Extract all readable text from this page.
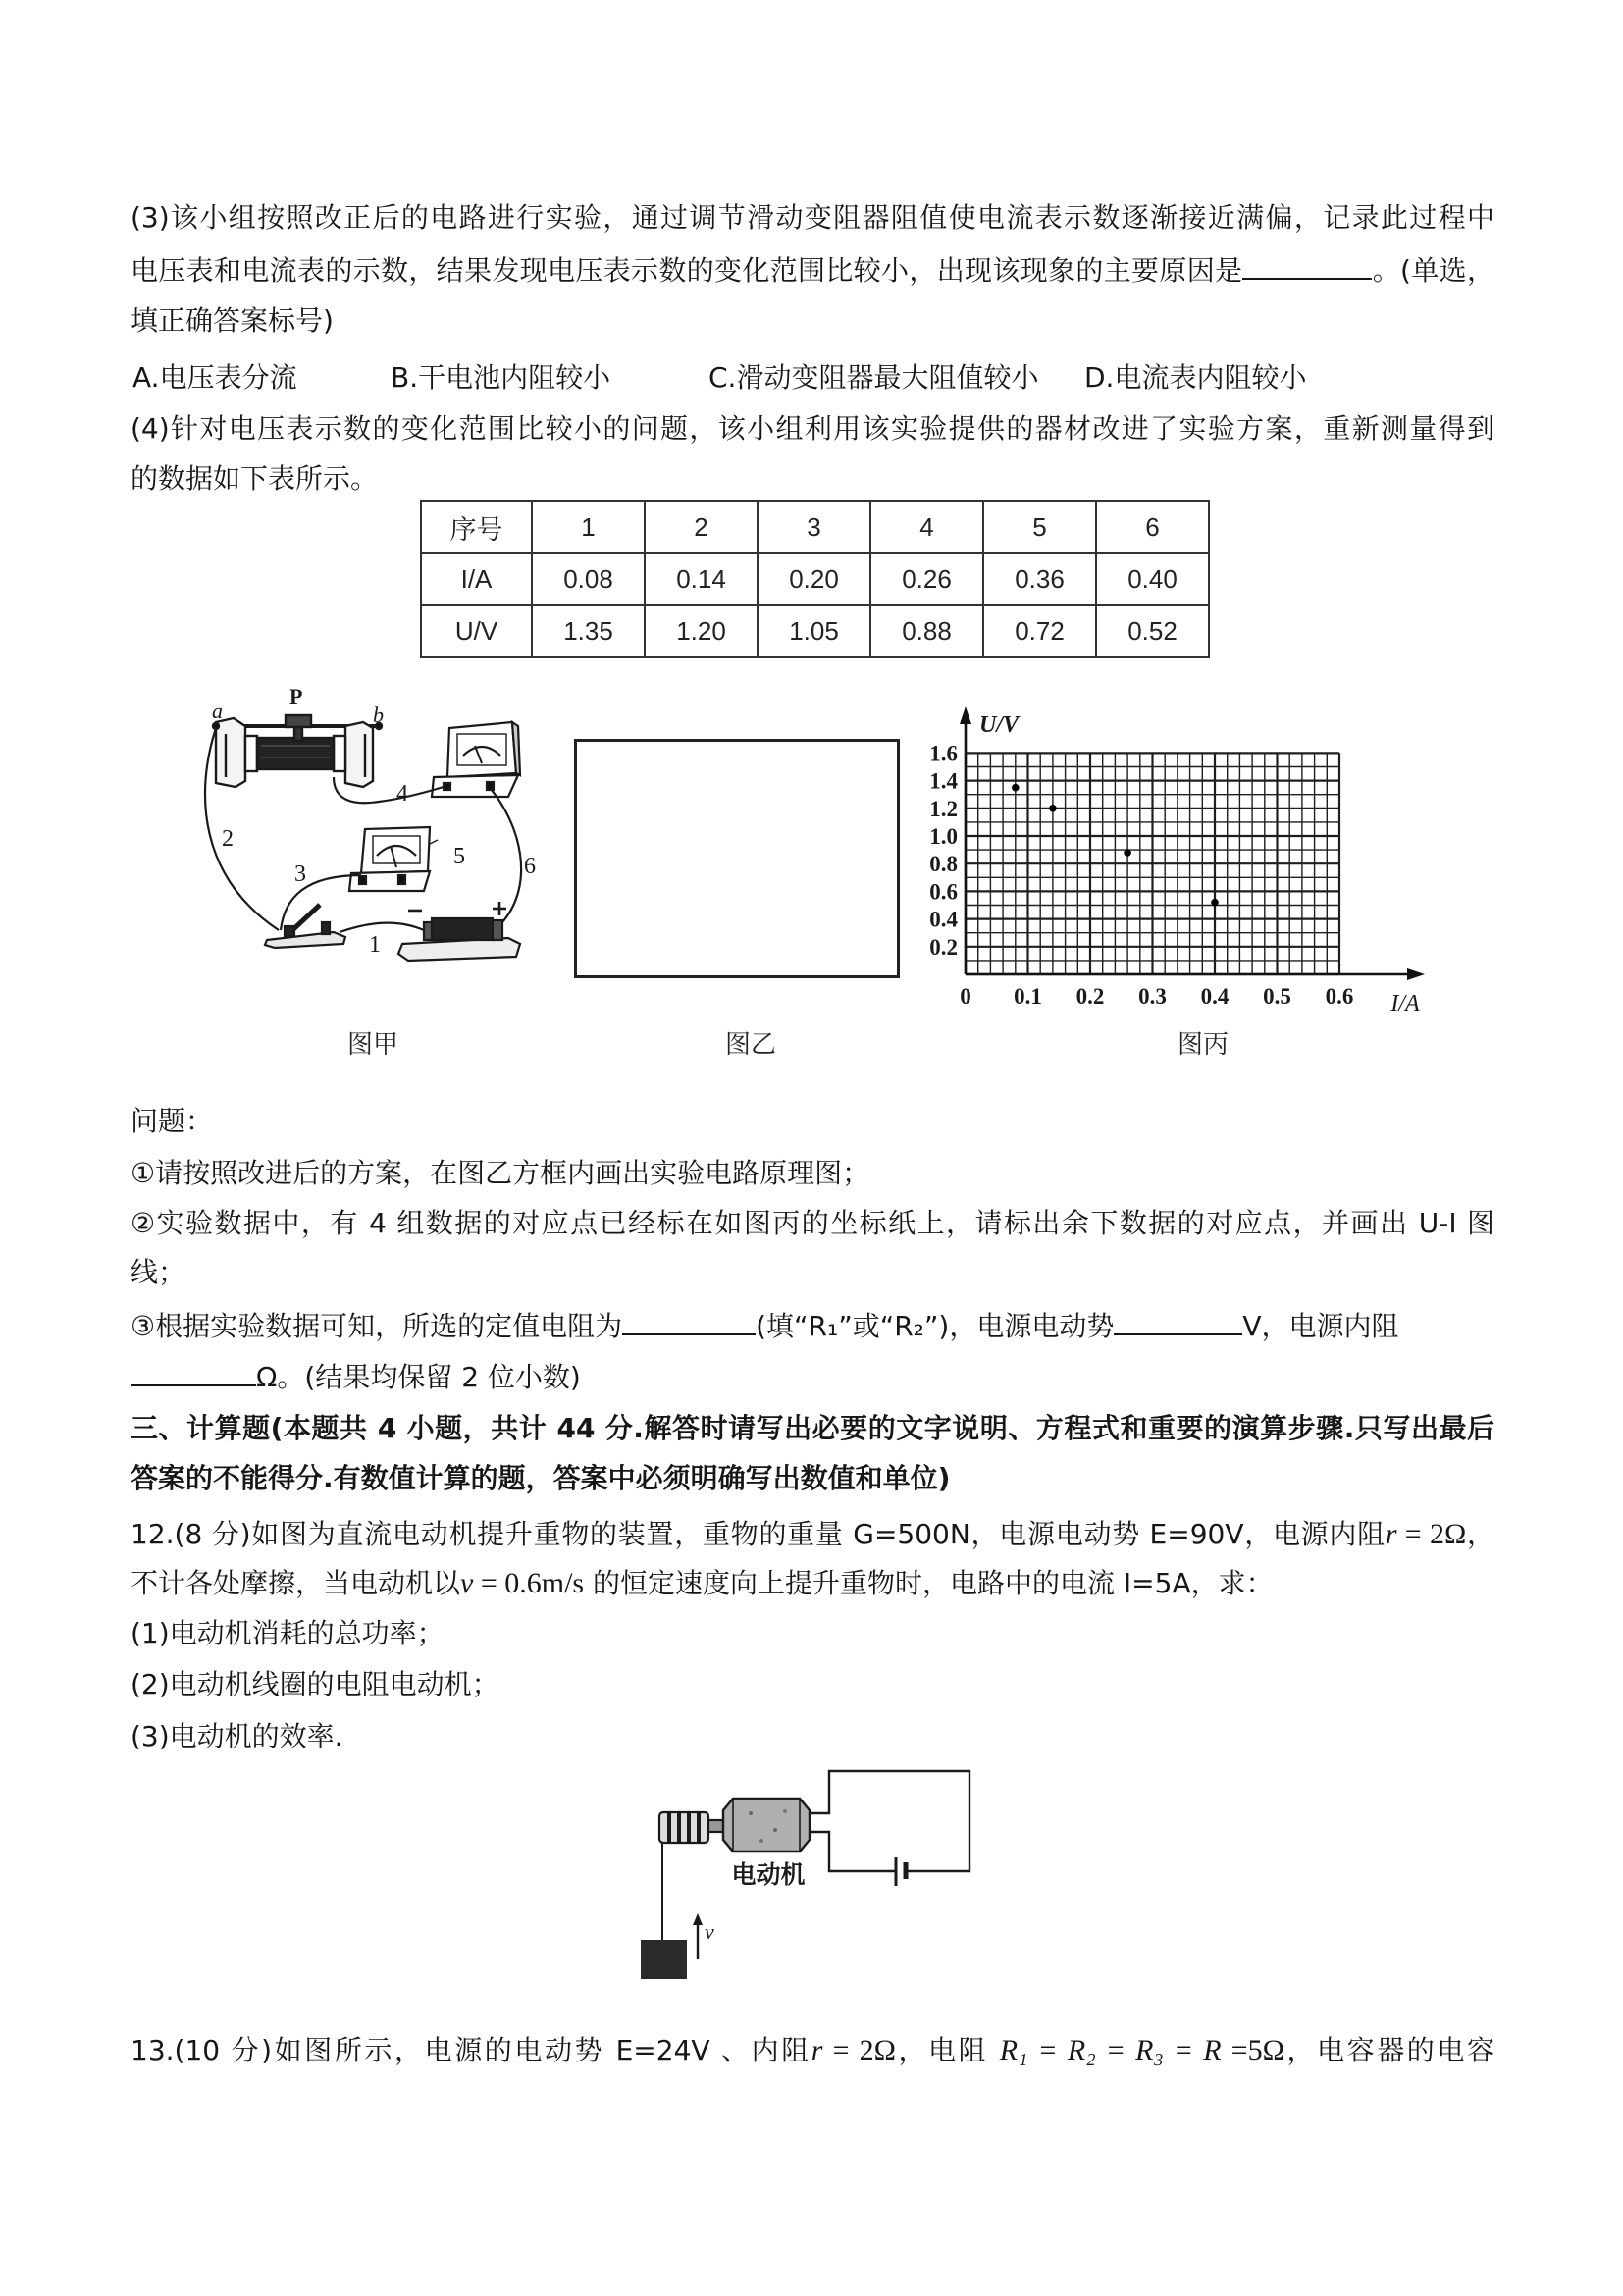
(3)该小组按照改正后的电路进行实验，通过调节滑动变阻器阻值使电流表示数逐渐接近满偏，记录此过程中
电压表和电流表的示数，结果发现电压表示数的变化范围比较小，出现该现象的主要原因是	。(单选，
填正确答案标号)
A.电压表分流	B.干电池内阻较小	C.滑动变阻器最大阻值较小 D.电流表内阻较小
(4)针对电压表示数的变化范围比较小的问题，该小组利用该实验提供的器材改进了实验方案，重新测量得到
的数据如下表所示。
序号	1	2	3	4	5	6
I/A	0.08	0.14	0.20	0.26	0.36	0.40
U/V	1.35	1.20	1.05	0.88	0.72	0.52
a
P
b
1
2
3
4
5	6
图甲	图乙
0 0.1 0.2 0.3 0.4 0.5 0.6
0.2
0.4
0.6
0.8
1.0
1.2
1.4
1.6
U/V
I/A
图丙
问题：
①请按照改进后的方案，在图乙方框内画出实验电路原理图；
②实验数据中，有 4 组数据的对应点已经标在如图丙的坐标纸上，请标出余下数据的对应点，并画出 U-I 图
线；
③根据实验数据可知，所选的定值电阻为	(填“R₁”或“R₂”)，电源电动势	V，电源内阻
Ω。(结果均保留 2 位小数)
三、计算题(本题共 4 小题，共计 44 分.解答时请写出必要的文字说明、方程式和重要的演算步骤.只写出最后
答案的不能得分.有数值计算的题，答案中必须明确写出数值和单位)
12.(8 分)如图为直流电动机提升重物的装置，重物的重量 G=500N，电源电动势 E=90V，电源内阻r = 2Ω，
不计各处摩擦，当电动机以v = 0.6m/s 的恒定速度向上提升重物时，电路中的电流 I=5A，求：
(1)电动机消耗的总功率；
(2)电动机线圈的电阻电动机；
(3)电动机的效率.
电动机
v
13.(10 分)如图所示，电源的电动势 E=24V 、内阻r = 2Ω，电阻 R₁ = R₂ = R₃ = R =5Ω，电容器的电容
